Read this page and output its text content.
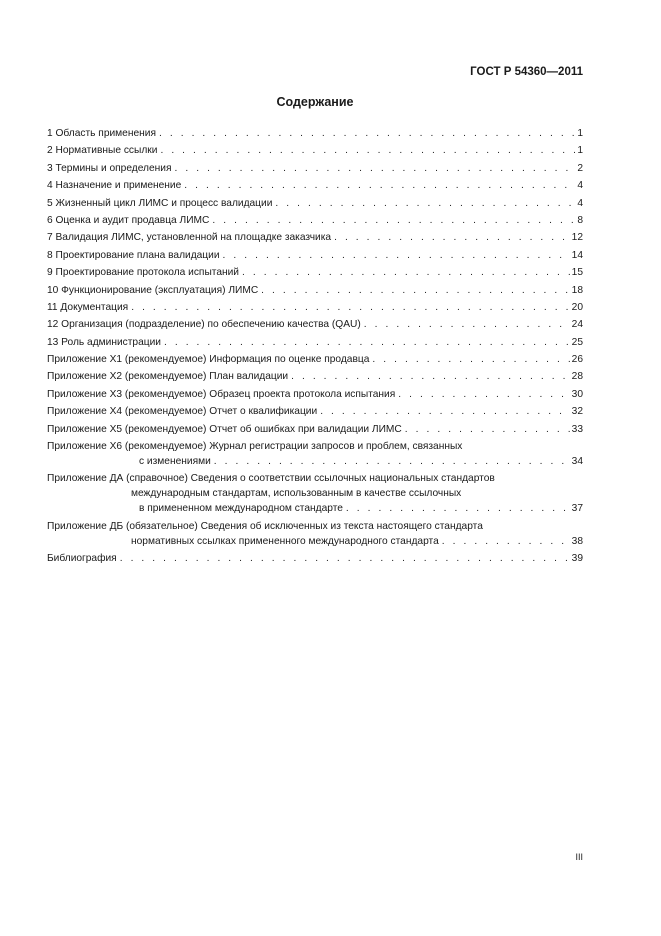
ГОСТ Р 54360—2011
Содержание
1 Область применения . . .	1
2 Нормативные ссылки . . .	1
3 Термины и определения . . .	2
4 Назначение и применение . . .	4
5 Жизненный цикл ЛИМС и процесс валидации . . .	4
6 Оценка и аудит продавца ЛИМС . . .	8
7 Валидация ЛИМС, установленной на площадке заказчика . . .	12
8 Проектирование плана валидации . . .	14
9 Проектирование протокола испытаний . . .	15
10 Функционирование (эксплуатация) ЛИМС . . .	18
11 Документация . . .	20
12 Организация (подразделение) по обеспечению качества (QAU) . . .	24
13 Роль администрации . . .	25
Приложение Х1 (рекомендуемое) Информация по оценке продавца . . .	26
Приложение Х2 (рекомендуемое) План валидации . . .	28
Приложение Х3 (рекомендуемое) Образец проекта протокола испытания . . .	30
Приложение Х4 (рекомендуемое) Отчет о квалификации . . .	32
Приложение Х5 (рекомендуемое) Отчет об ошибках при валидации ЛИМС . . .	33
Приложение Х6 (рекомендуемое) Журнал регистрации запросов и проблем, связанных
с изменениями . . .	34
Приложение ДА (справочное) Сведения о соответствии ссылочных национальных стандартов
международным стандартам, использованным в качестве ссылочных
в примененном международном стандарте . . .	37
Приложение ДБ (обязательное) Сведения об исключенных из текста настоящего стандарта
нормативных ссылках примененного международного стандарта . . .	38
Библиография . . .	39
III
